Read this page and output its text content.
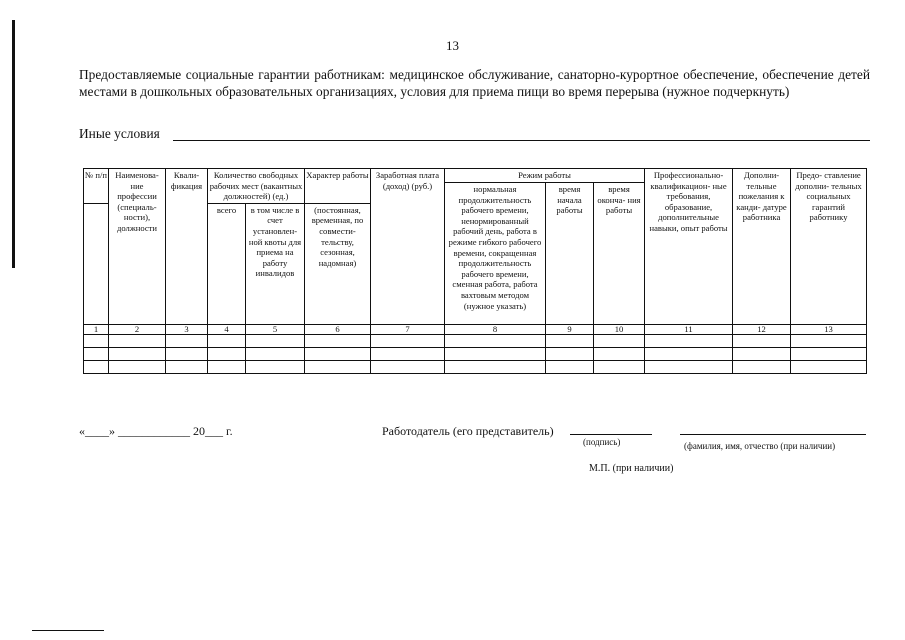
13
Предоставляемые социальные гарантии работникам: медицинское обслуживание, санаторно-курортное обеспечение, обеспечение детей местами в дошкольных образовательных организациях, условия для приема пищи во время перерыва (нужное подчеркнуть)
Иные условия
№ п/п	Наименова- ние профессии (специаль- ности), должности	Квали- фикация	Количество свободных рабочих мест (вакантных должностей) (ед.)		Характер работы	Заработная плата (доход) (руб.)	Режим работы			Профессионально- квалификацион- ные требования, образование, дополнительные навыки, опыт работы	Дополни- тельные пожелания к канди- датуре работника	Предо- ставление дополни- тельных социальных гарантий работнику
							нормальная продолжительность рабочего времени, ненормированный рабочий день, работа в режиме гибкого рабочего времени, сокращенная продолжительность рабочего времени, сменная работа, работа вахтовым методом (нужное указать)	время начала работы	время оконча- ния работы			
			всего	в том числе в счет установлен- ной квоты для приема на работу инвалидов	(постоянная, временная, по совмести- тельству, сезонная, надомная)							
1	2	3	4	5	6	7	8	9	10	11	12	13

«____» ____________ 20___ г.	Работодатель (его представитель)
(подпись)	(фамилия, имя, отчество (при наличии)
М.П. (при наличии)
